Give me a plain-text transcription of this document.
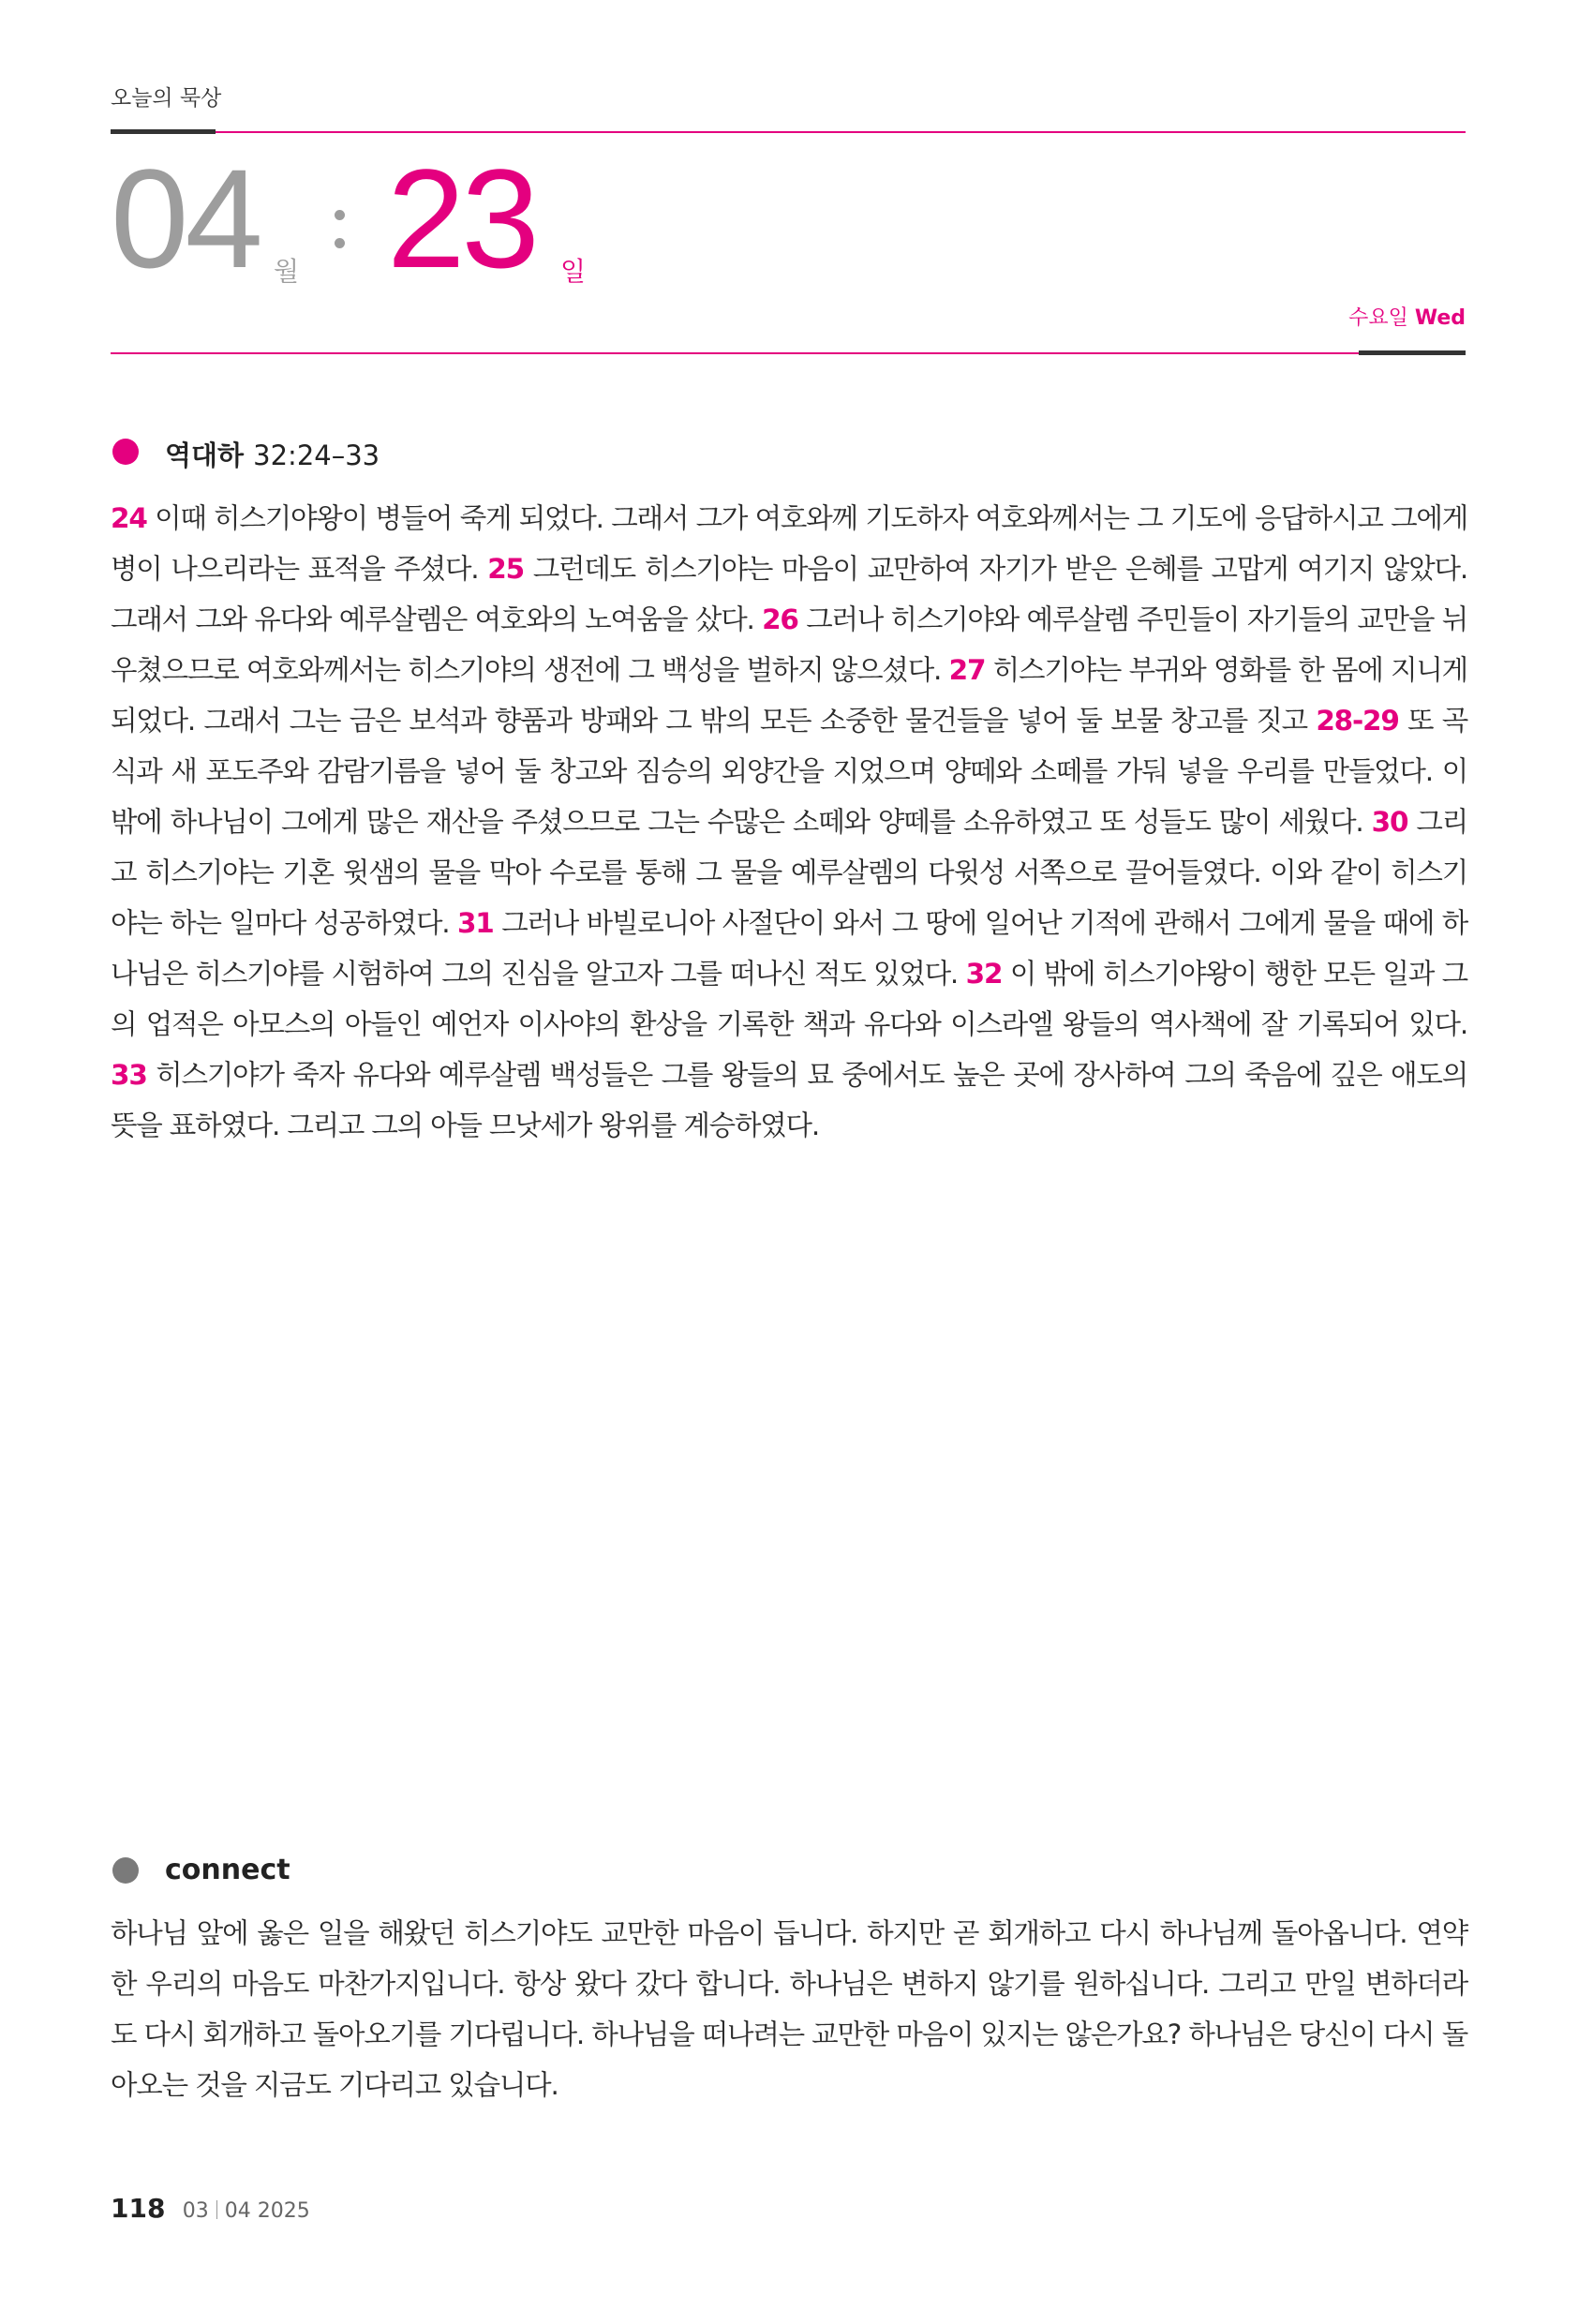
오늘의 묵상
04 월 23 일
수요일 Wed
역대하 32:24–33
24 이때 히스기야왕이 병들어 죽게 되었다. 그래서 그가 여호와께 기도하자 여호와께서는 그 기도에 응답하시고 그에게 병이 나으리라는 표적을 주셨다. 25 그런데도 히스기야는 마음이 교만하여 자기가 받은 은혜를 고맙게 여기지 않았다. 그래서 그와 유다와 예루살렘은 여호와의 노여움을 샀다. 26 그러나 히스기야와 예루살렘 주민들이 자기들의 교만을 뉘우쳤으므로 여호와께서는 히스기야의 생전에 그 백성을 벌하지 않으셨다. 27 히스기야는 부귀와 영화를 한 몸에 지니게 되었다. 그래서 그는 금은 보석과 향품과 방패와 그 밖의 모든 소중한 물건들을 넣어 둘 보물 창고를 짓고 28-29 또 곡식과 새 포도주와 감람기름을 넣어 둘 창고와 짐승의 외양간을 지었으며 양떼와 소떼를 가둬 넣을 우리를 만들었다. 이 밖에 하나님이 그에게 많은 재산을 주셨으므로 그는 수많은 소떼와 양떼를 소유하였고 또 성들도 많이 세웠다. 30 그리고 히스기야는 기혼 윗샘의 물을 막아 수로를 통해 그 물을 예루살렘의 다윗성 서쪽으로 끌어들였다. 이와 같이 히스기야는 하는 일마다 성공하였다. 31 그러나 바빌로니아 사절단이 와서 그 땅에 일어난 기적에 관해서 그에게 물을 때에 하나님은 히스기야를 시험하여 그의 진심을 알고자 그를 떠나신 적도 있었다. 32 이 밖에 히스기야왕이 행한 모든 일과 그의 업적은 아모스의 아들인 예언자 이사야의 환상을 기록한 책과 유다와 이스라엘 왕들의 역사책에 잘 기록되어 있다. 33 히스기야가 죽자 유다와 예루살렘 백성들은 그를 왕들의 묘 중에서도 높은 곳에 장사하여 그의 죽음에 깊은 애도의 뜻을 표하였다. 그리고 그의 아들 므낫세가 왕위를 계승하였다.
connect
하나님 앞에 옳은 일을 해왔던 히스기야도 교만한 마음이 듭니다. 하지만 곧 회개하고 다시 하나님께 돌아옵니다. 연약한 우리의 마음도 마찬가지입니다. 항상 왔다 갔다 합니다. 하나님은 변하지 않기를 원하십니다. 그리고 만일 변하더라도 다시 회개하고 돌아오기를 기다립니다. 하나님을 떠나려는 교만한 마음이 있지는 않은가요? 하나님은 당신이 다시 돌아오는 것을 지금도 기다리고 있습니다.
118 03 04 2025
